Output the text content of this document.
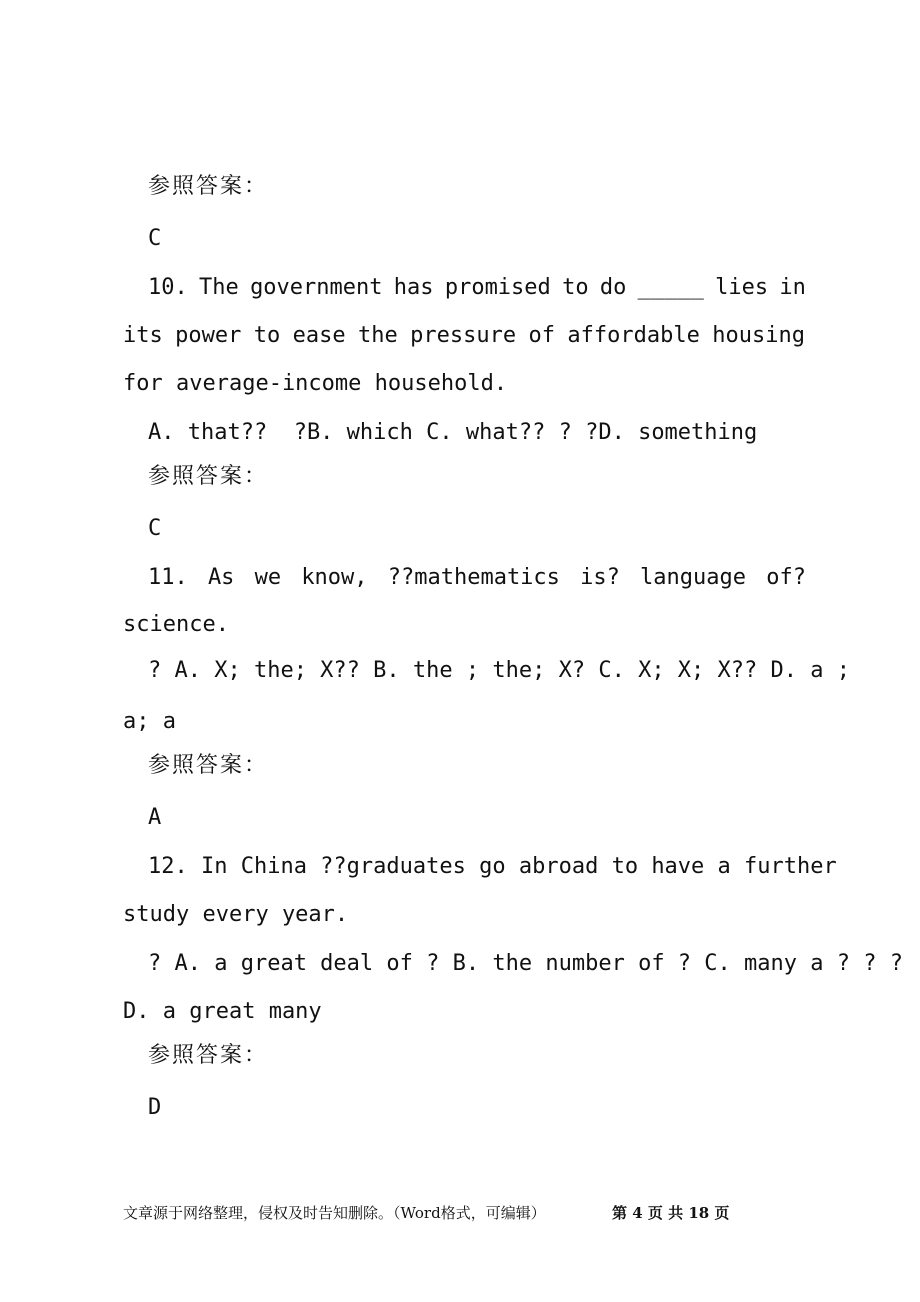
参照答案：
C
10. The government has promised to do _____ lies in
its power to ease the pressure of affordable housing
for average-income household.
A. that??  ?B. which C. what?? ? ?D. something
参照答案：
C
11. As we know, ??mathematics is? language of?
science.
? A. X; the; X?? B. the ; the; X? C. X; X; X?? D. a ;
a; a
参照答案：
A
12. In China ??graduates go abroad to have a further
study every year.
? A. a great deal of ? B. the number of ? C. many a ? ? ?
D. a great many
参照答案：
D
文章源于网络整理，侵权及时告知删除。（Word格式，可编辑）	第 4 页 共 18 页
